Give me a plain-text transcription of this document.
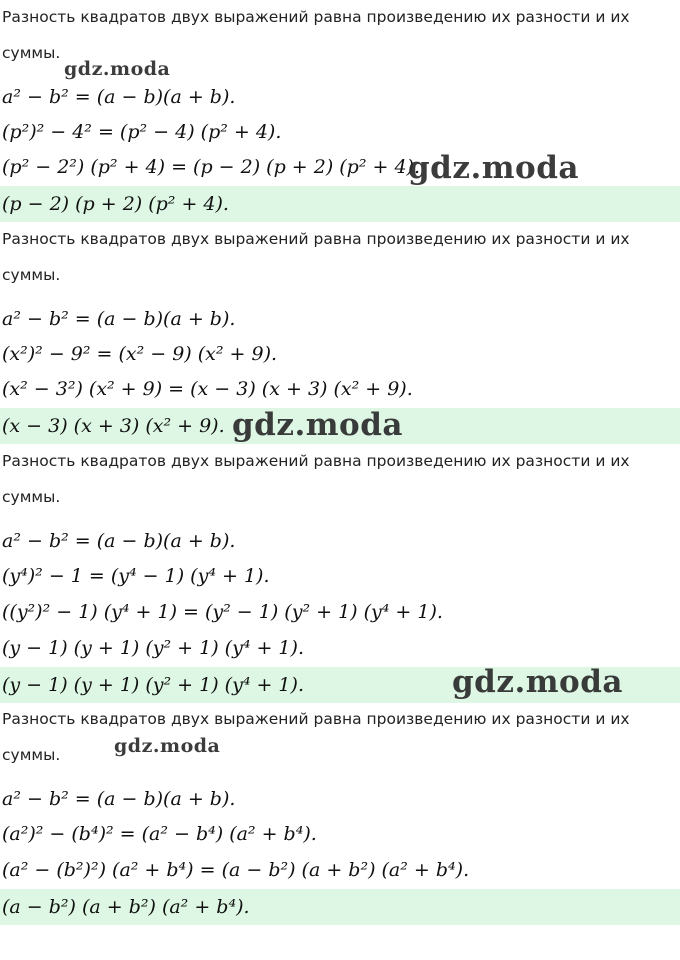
Разность квадратов двух выражений равна произведению их разности и их
суммы.
a² − b² = (a − b)(a + b).
(p²)² − 4² = (p² − 4) (p² + 4).
(p² − 2²) (p² + 4) = (p − 2) (p + 2) (p² + 4).
(p − 2) (p + 2) (p² + 4).
Разность квадратов двух выражений равна произведению их разности и их
суммы.
a² − b² = (a − b)(a + b).
(x²)² − 9² = (x² − 9) (x² + 9).
(x² − 3²) (x² + 9) = (x − 3) (x + 3) (x² + 9).
(x − 3) (x + 3) (x² + 9).
Разность квадратов двух выражений равна произведению их разности и их
суммы.
a² − b² = (a − b)(a + b).
(y⁴)² − 1 = (y⁴ − 1) (y⁴ + 1).
((y²)² − 1) (y⁴ + 1) = (y² − 1) (y² + 1) (y⁴ + 1).
(y − 1) (y + 1) (y² + 1) (y⁴ + 1).
(y − 1) (y + 1) (y² + 1) (y⁴ + 1).
Разность квадратов двух выражений равна произведению их разности и их
суммы.
a² − b² = (a − b)(a + b).
(a²)² − (b⁴)² = (a² − b⁴) (a² + b⁴).
(a² − (b²)²) (a² + b⁴) = (a − b²) (a + b²) (a² + b⁴).
(a − b²) (a + b²) (a² + b⁴).
gdz.moda
gdz.moda
gdz.moda
gdz.moda
gdz.moda
